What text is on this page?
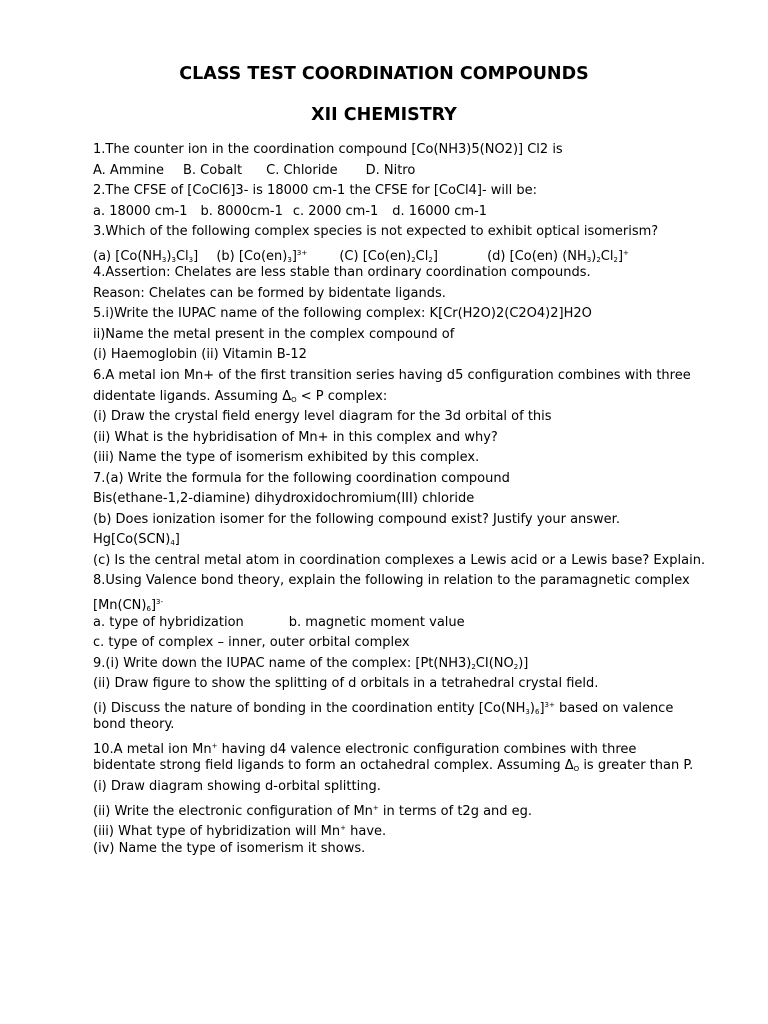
CLASS TEST COORDINATION COMPOUNDS
XII CHEMISTRY
1.The counter ion in the coordination compound [Co(NH3)5(NO2)] Cl2 is
A. Ammine B. Cobalt C. Chloride D. Nitro
2.The CFSE of [CoCl6]3- is 18000 cm-1 the CFSE for [CoCl4]- will be:
a. 18000 cm-1 b. 8000cm-1 c. 2000 cm-1 d. 16000 cm-1
3.Which of the following complex species is not expected to exhibit optical isomerism?
(a) $[Co(NH_3)_3Cl_3]$ (b) $[Co(en)_3]^{3+}$ (C) $[Co(en)_2Cl_2]$	(d) [Co(en) $(NH_3)_2Cl_2]^+$
4.Assertion: Chelates are less stable than ordinary coordination compounds.
Reason: Chelates can be formed by bidentate ligands.
5.i)Write the IUPAC name of the following complex: K[Cr(H2O)2(C2O4)2]H2O
ii)Name the metal present in the complex compound of
(i) Haemoglobin (ii) Vitamin B-12
6.A metal ion Mn+ of the first transition series having d5 configuration combines with three
didentate ligands. Assuming $\Delta_O < P$ complex:
(i) Draw the crystal field energy level diagram for the 3d orbital of this
(ii) What is the hybridisation of Mn+ in this complex and why?
(iii) Name the type of isomerism exhibited by this complex.
7.(a) Write the formula for the following coordination compound
Bis(ethane-1,2-diamine) dihydroxidochromium(III) chloride
(b) Does ionization isomer for the following compound exist? Justify your answer.
$Hg[Co(SCN)_4]$
(c) Is the central metal atom in coordination complexes a Lewis acid or a Lewis base? Explain.
8.Using Valence bond theory, explain the following in relation to the paramagnetic complex
$[Mn(CN)_6]^{3-}$
a. type of hybridization	b. magnetic moment value
c. type of complex – inner, outer orbital complex
9.(i) Write down the IUPAC name of the complex: $[Pt(NH3)_2CI(NO_2)]$
(ii) Draw figure to show the splitting of d orbitals in a tetrahedral crystal field.
(i) Discuss the nature of bonding in the coordination entity $[Co(NH_3)_6]^{3+}$ based on valence
bond theory.
10.A metal ion Mn+ having d4 valence electronic configuration combines with three
bidentate strong field ligands to form an octahedral complex. Assuming $\Delta_O$ is greater than P.
(i) Draw diagram showing d-orbital splitting.
(ii) Write the electronic configuration of Mn+ in terms of t2g and eg.
(iii) What type of hybridization will Mn+ have.
(iv) Name the type of isomerism it shows.
